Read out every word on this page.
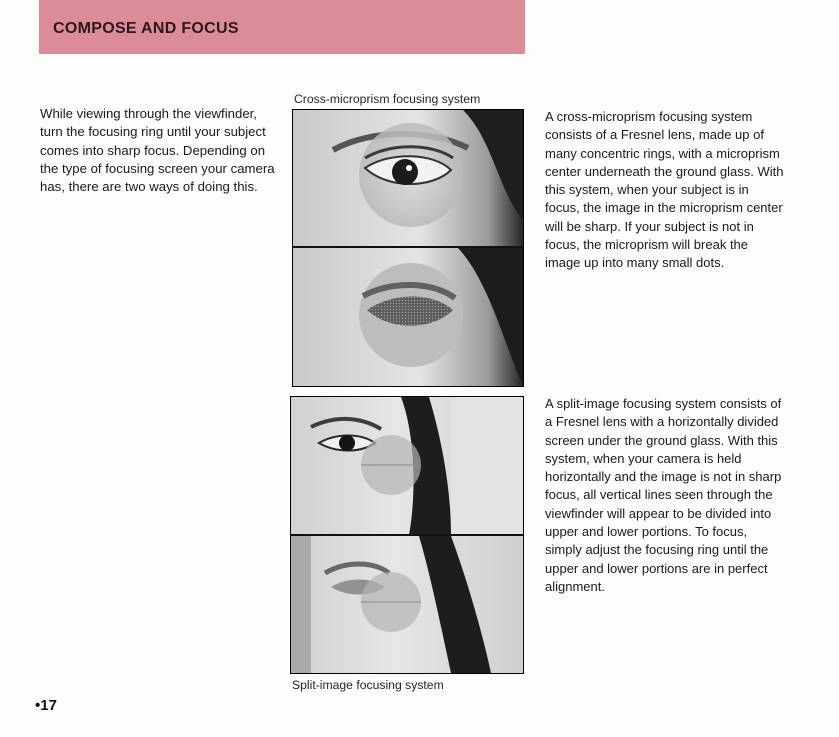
COMPOSE AND FOCUS
While viewing through the viewfinder, turn the focusing ring until your subject comes into sharp focus. Depending on the type of focusing screen your camera has, there are two ways of doing this.
Cross-microprism focusing system
Split-image focusing system
A cross-microprism focusing system consists of a Fresnel lens, made up of many concentric rings, with a microprism center underneath the ground glass. With this system, when your subject is in focus, the image in the microprism center will be sharp. If your subject is not in focus, the microprism will break the image up into many small dots.
A split-image focusing system consists of a Fresnel lens with a horizontally divided screen under the ground glass. With this system, when your camera is held horizontally and the image is not in sharp focus, all vertical lines seen through the viewfinder will appear to be divided into upper and lower portions. To focus, simply adjust the focusing ring until the upper and lower portions are in perfect alignment.
•17
